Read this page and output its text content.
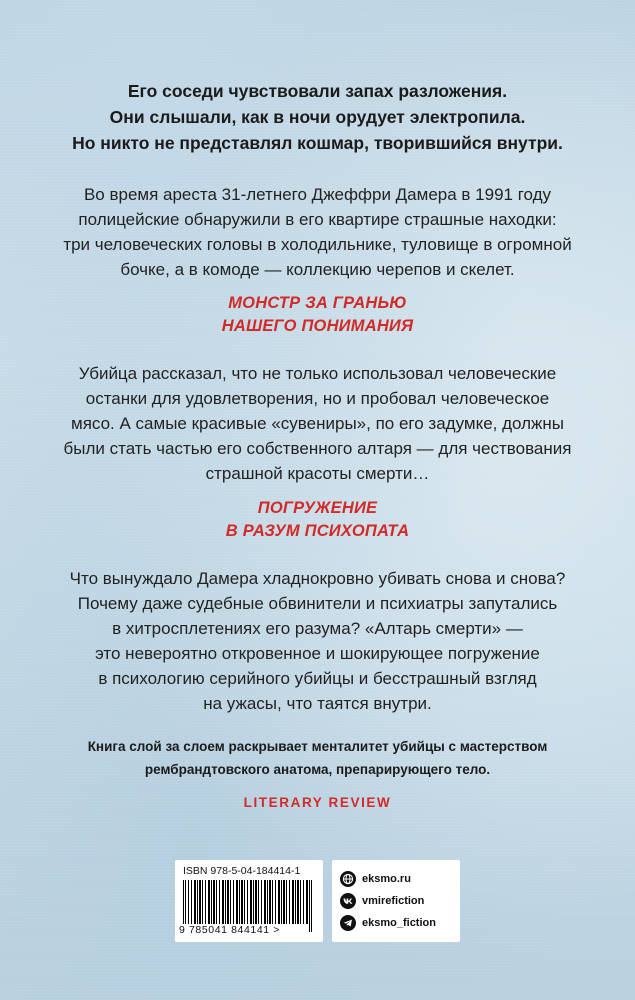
Его соседи чувствовали запах разложения.
Они слышали, как в ночи орудует электропила.
Но никто не представлял кошмар, творившийся внутри.
Во время ареста 31-летнего Джеффри Дамера в 1991 году
полицейские обнаружили в его квартире страшные находки:
три человеческих головы в холодильнике, туловище в огромной
бочке, а в комоде — коллекцию черепов и скелет.
МОНСТР ЗА ГРАНЬЮ
НАШЕГО ПОНИМАНИЯ
Убийца рассказал, что не только использовал человеческие
останки для удовлетворения, но и пробовал человеческое
мясо. А самые красивые «сувениры», по его задумке, должны
были стать частью его собственного алтаря — для чествования
страшной красоты смерти…
ПОГРУЖЕНИЕ
В РАЗУМ ПСИХОПАТА
Что вынуждало Дамера хладнокровно убивать снова и снова?
Почему даже судебные обвинители и психиатры запутались
в хитросплетениях его разума? «Алтарь смерти» —
это невероятно откровенное и шокирующее погружение
в психологию серийного убийцы и бесстрашный взгляд
на ужасы, что таятся внутри.
Книга слой за слоем раскрывает менталитет убийцы с мастерством
рембрандтовского анатома, препарирующего тело.
LITERARY REVIEW
ISBN 978-5-04-184414-1
9 785041 844141 >
eksmo.ru
vmirefiction
eksmo_fiction
